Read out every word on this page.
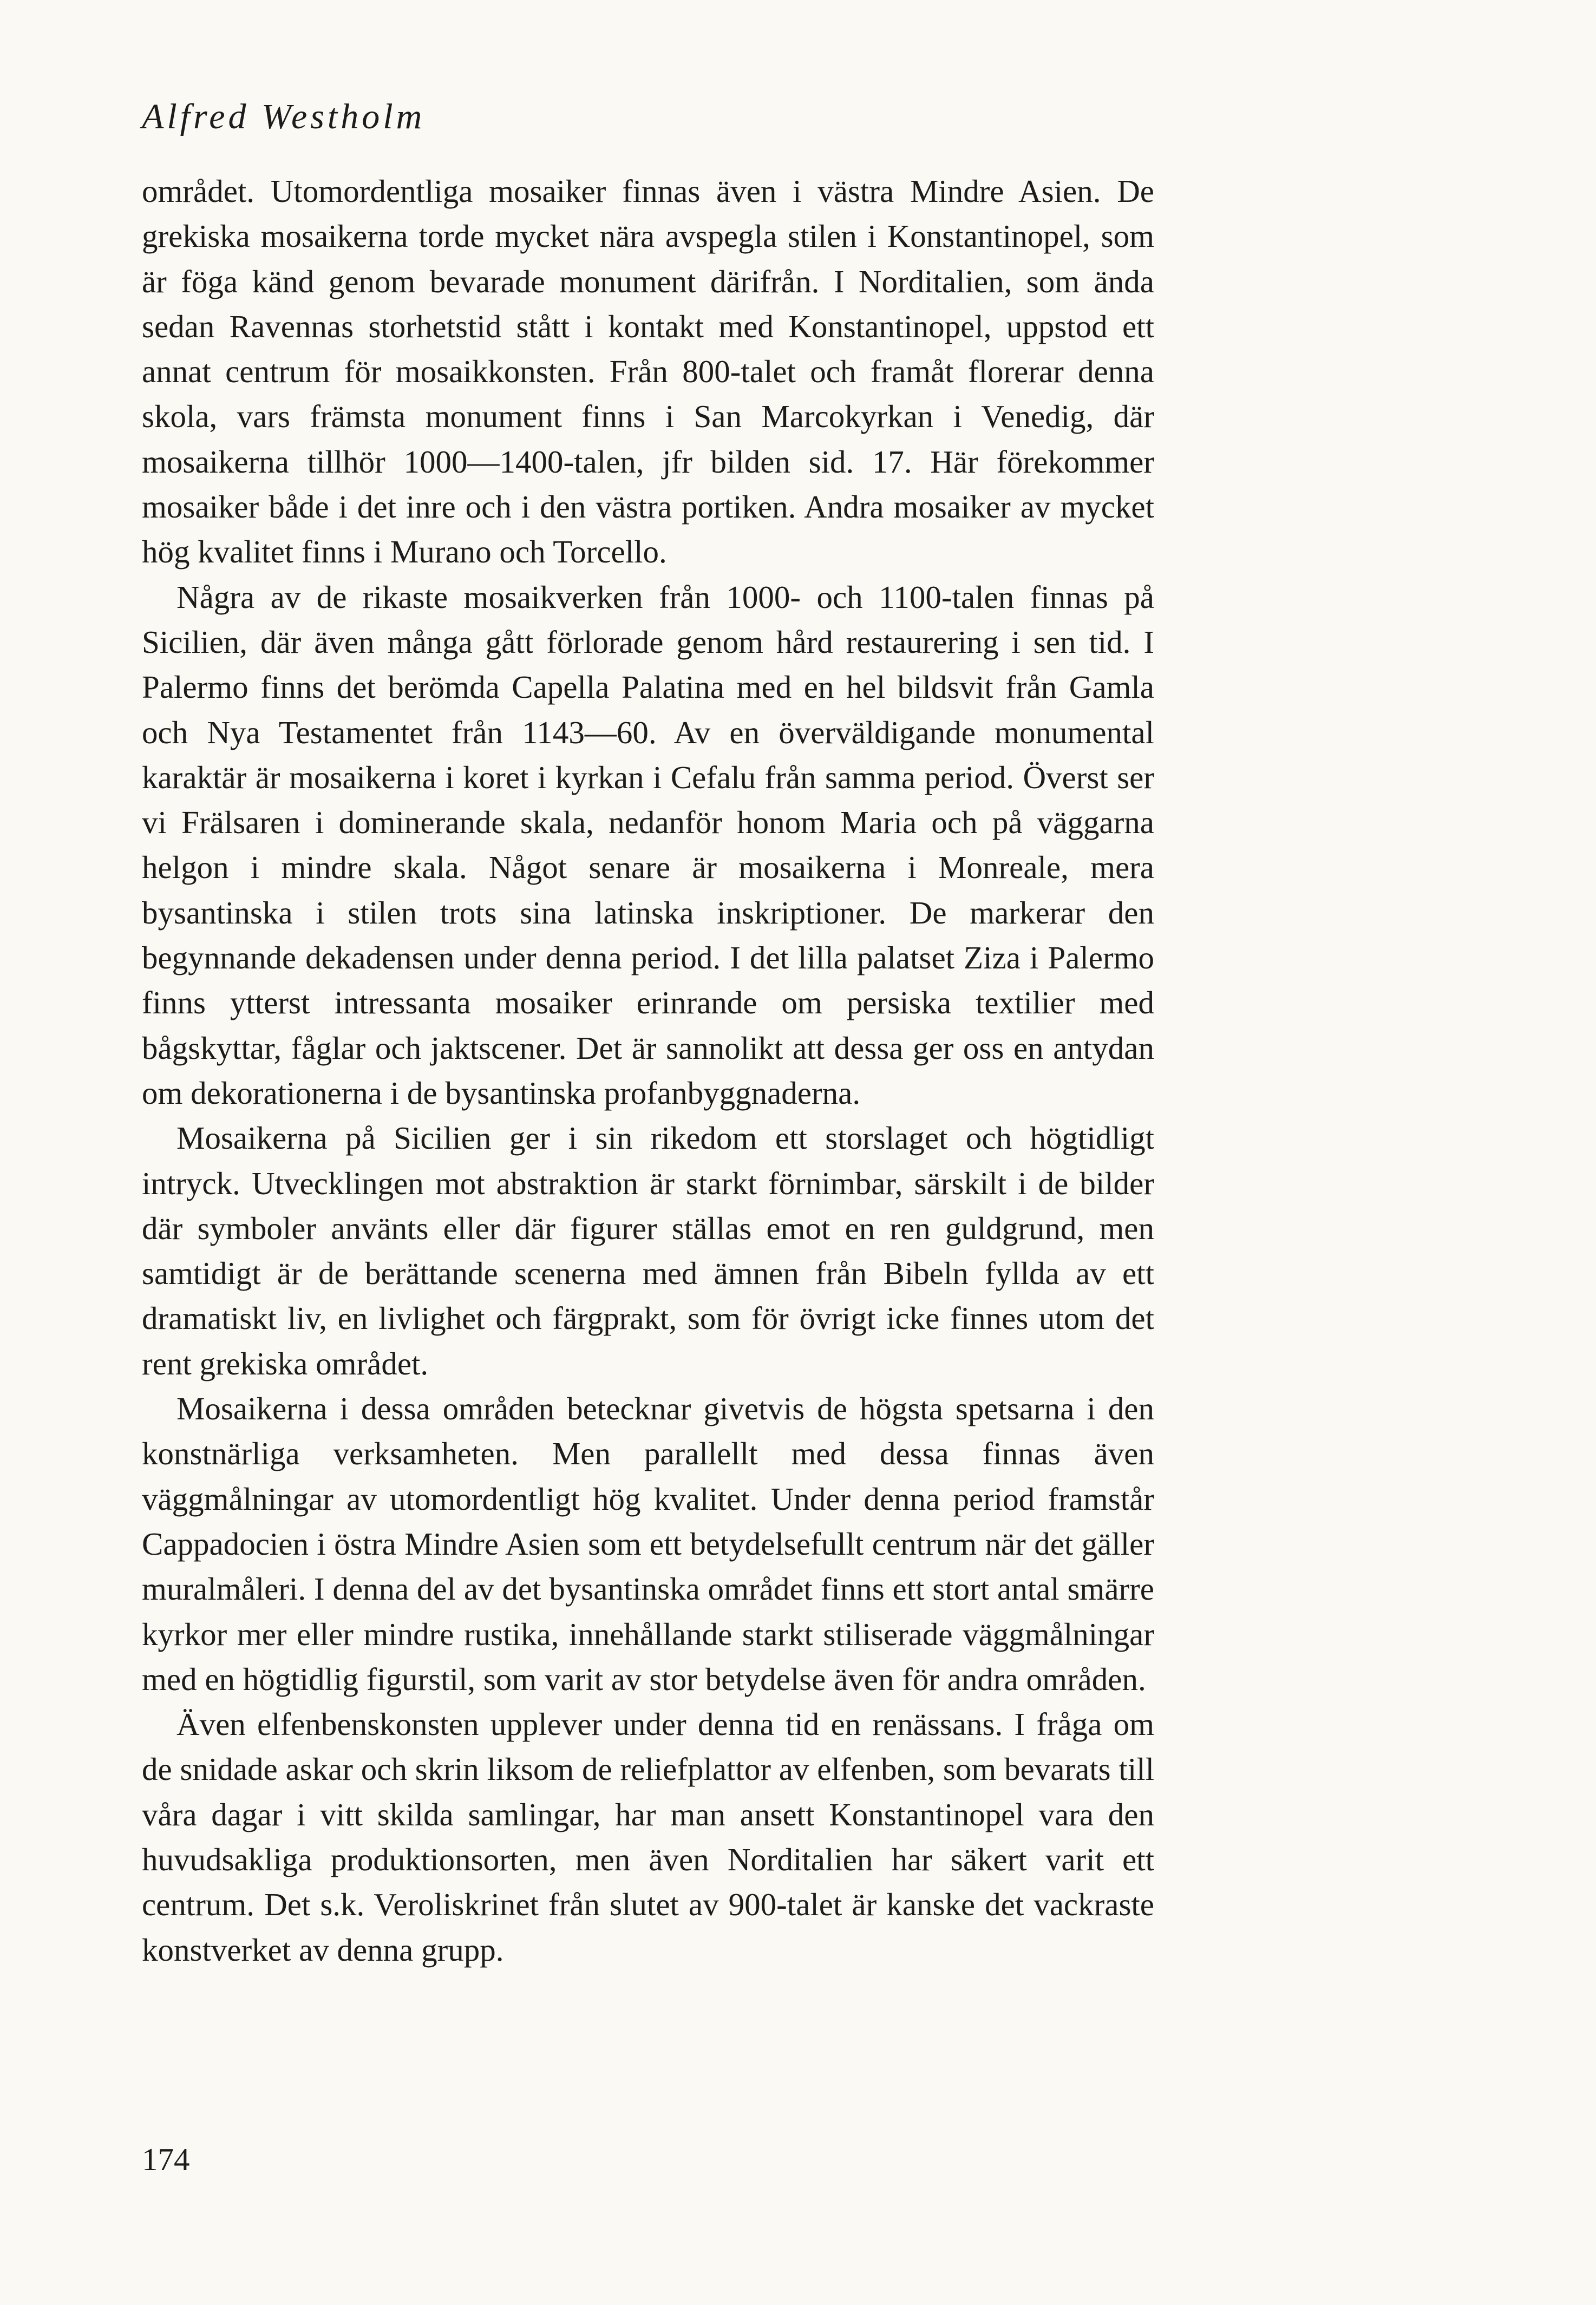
Alfred Westholm

området. Utomordentliga mosaiker finnas även i västra Mindre Asien. De grekiska mosaikerna torde mycket nära avspegla stilen i Konstantinopel, som är föga känd genom bevarade monument därifrån. I Norditalien, som ända sedan Ravennas storhetstid stått i kontakt med Konstantinopel, uppstod ett annat centrum för mosaikkonsten. Från 800-talet och framåt florerar denna skola, vars främsta monument finns i San Marcokyrkan i Venedig, där mosaikerna tillhör 1000—1400-talen, jfr bilden sid. 17. Här förekommer mosaiker både i det inre och i den västra portiken. Andra mosaiker av mycket hög kvalitet finns i Murano och Torcello.

Några av de rikaste mosaikverken från 1000- och 1100-talen finnas på Sicilien, där även många gått förlorade genom hård restaurering i sen tid. I Palermo finns det berömda Capella Palatina med en hel bildsvit från Gamla och Nya Testamentet från 1143—60. Av en överväldigande monumental karaktär är mosaikerna i koret i kyrkan i Cefalu från samma period. Överst ser vi Frälsaren i dominerande skala, nedanför honom Maria och på väggarna helgon i mindre skala. Något senare är mosaikerna i Monreale, mera bysantinska i stilen trots sina latinska inskriptioner. De markerar den begynnande dekadensen under denna period. I det lilla palatset Ziza i Palermo finns ytterst intressanta mosaiker erinrande om persiska textilier med bågskyttar, fåglar och jaktscener. Det är sannolikt att dessa ger oss en antydan om dekorationerna i de bysantinska profanbyggnaderna.

Mosaikerna på Sicilien ger i sin rikedom ett storslaget och högtidligt intryck. Utvecklingen mot abstraktion är starkt förnimbar, särskilt i de bilder där symboler använts eller där figurer ställas emot en ren guldgrund, men samtidigt är de berättande scenerna med ämnen från Bibeln fyllda av ett dramatiskt liv, en livlighet och färgprakt, som för övrigt icke finnes utom det rent grekiska området.

Mosaikerna i dessa områden betecknar givetvis de högsta spetsarna i den konstnärliga verksamheten. Men parallellt med dessa finnas även väggmålningar av utomordentligt hög kvalitet. Under denna period framstår Cappadocien i östra Mindre Asien som ett betydelsefullt centrum när det gäller muralmåleri. I denna del av det bysantinska området finns ett stort antal smärre kyrkor mer eller mindre rustika, innehållande starkt stiliserade väggmålningar med en högtidlig figurstil, som varit av stor betydelse även för andra områden.

Även elfenbenskonsten upplever under denna tid en renässans. I fråga om de snidade askar och skrin liksom de reliefplattor av elfenben, som bevarats till våra dagar i vitt skilda samlingar, har man ansett Konstantinopel vara den huvudsakliga produktionsorten, men även Norditalien har säkert varit ett centrum. Det s.k. Veroliskrinet från slutet av 900-talet är kanske det vackraste konstverket av denna grupp.

174
